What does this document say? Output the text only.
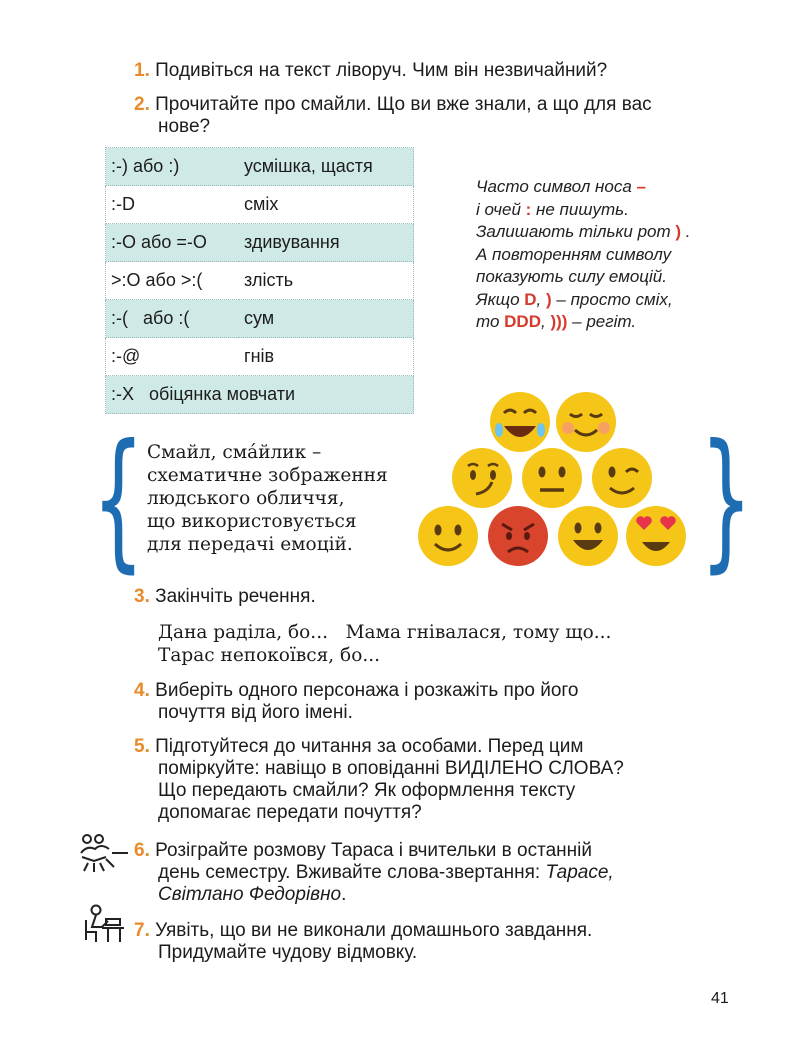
1. Подивіться на текст ліворуч. Чим він незвичайний?
2. Прочитайте про смайли. Що ви вже знали, а що для вас
нове?
:-) або :)	усмішка, щастя
:-D	сміх
:-О або =-О	здивування
>:О або >:(	злість
:-(   або :(	сум
:-@	гнів
:-Х   обіцянка мовчати	
Часто символ носа –
і очей : не пишуть.
Залишають тільки рот ) .
А повторенням символу
показують силу емоцій.
Якщо D, ) – просто сміх,
то DDD, ))) – регіт.
{ Смайл, сма́йлик –
схематичне зображення
людського обличчя,
що використовується
для передачі емоцій.	}
3. Закінчіть речення.
Дана раділа, бо... Мама гнівалася, тому що...
Тарас непокоївся, бо...
4. Виберіть одного персонажа і розкажіть про його
почуття від його імені.
5. Підготуйтеся до читання за особами. Перед цим
поміркуйте: навіщо в оповіданні ВИДІЛЕНО СЛОВА?
Що передають смайли? Як оформлення тексту
допомагає передати почуття?
6. Розіграйте розмову Тараса і вчительки в останній
день семестру. Вживайте слова-звертання: Тарасе,
Світлано Федорівно.
7. Уявіть, що ви не виконали домашнього завдання.
Придумайте чудову відмовку.
41
